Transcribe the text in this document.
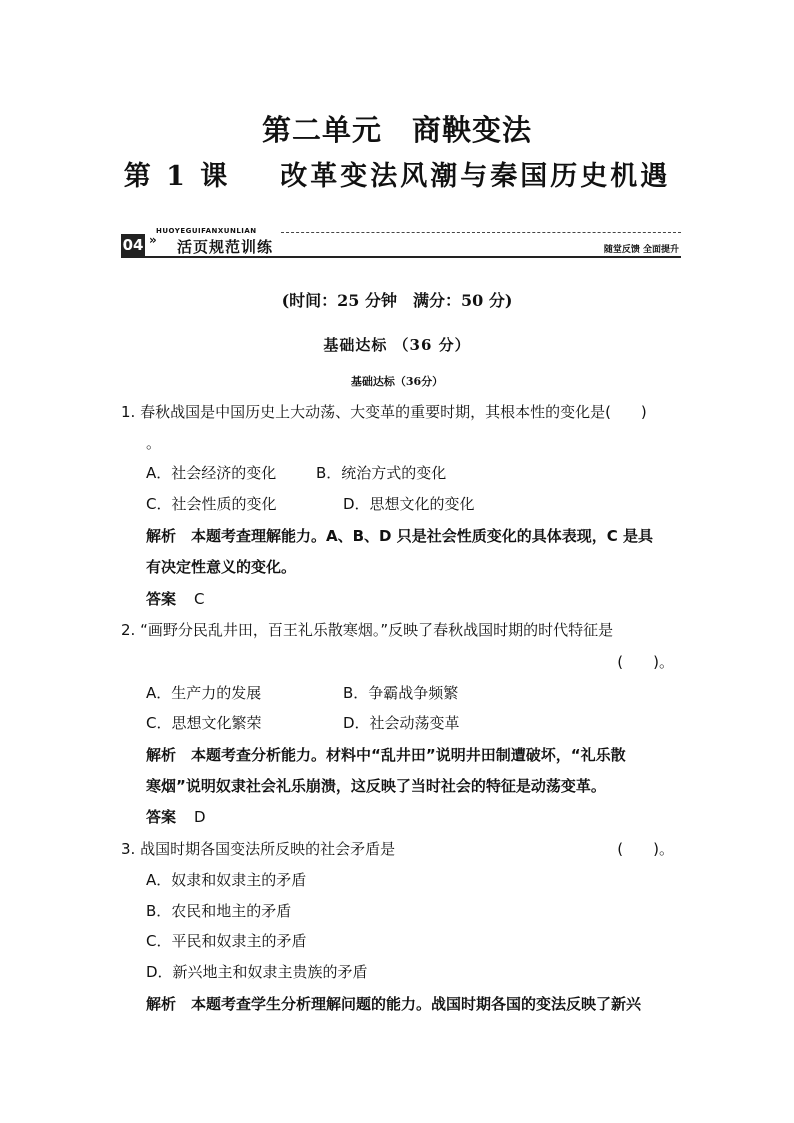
第二单元 商鞅变法
第 1 课 改革变法风潮与秦国历史机遇
HUOYEGUIFANXUNLIAN
04 » 活页规范训练	随堂反馈 全面提升
(时间：25 分钟　满分：50 分)
基础达标 （36 分）
基础达标（36分）
1. 春秋战国是中国历史上大动荡、大变革的重要时期，其根本性的变化是(　　)
。
A．社会经济的变化	B．统治方式的变化
C．社会性质的变化	D．思想文化的变化
解析　本题考查理解能力。A、B、D 只是社会性质变化的具体表现，C 是具
有决定性意义的变化。
答案 C
2. “画野分民乱井田，百王礼乐散寒烟。”反映了春秋战国时期的时代特征是
(　　)。
A．生产力的发展	B．争霸战争频繁
C．思想文化繁荣	D．社会动荡变革
解析　本题考查分析能力。材料中“乱井田”说明井田制遭破坏，“礼乐散
寒烟”说明奴隶社会礼乐崩溃，这反映了当时社会的特征是动荡变革。
答案 D
3. 战国时期各国变法所反映的社会矛盾是	(　　)。
A．奴隶和奴隶主的矛盾
B．农民和地主的矛盾
C．平民和奴隶主的矛盾
D．新兴地主和奴隶主贵族的矛盾
解析　本题考查学生分析理解问题的能力。战国时期各国的变法反映了新兴
